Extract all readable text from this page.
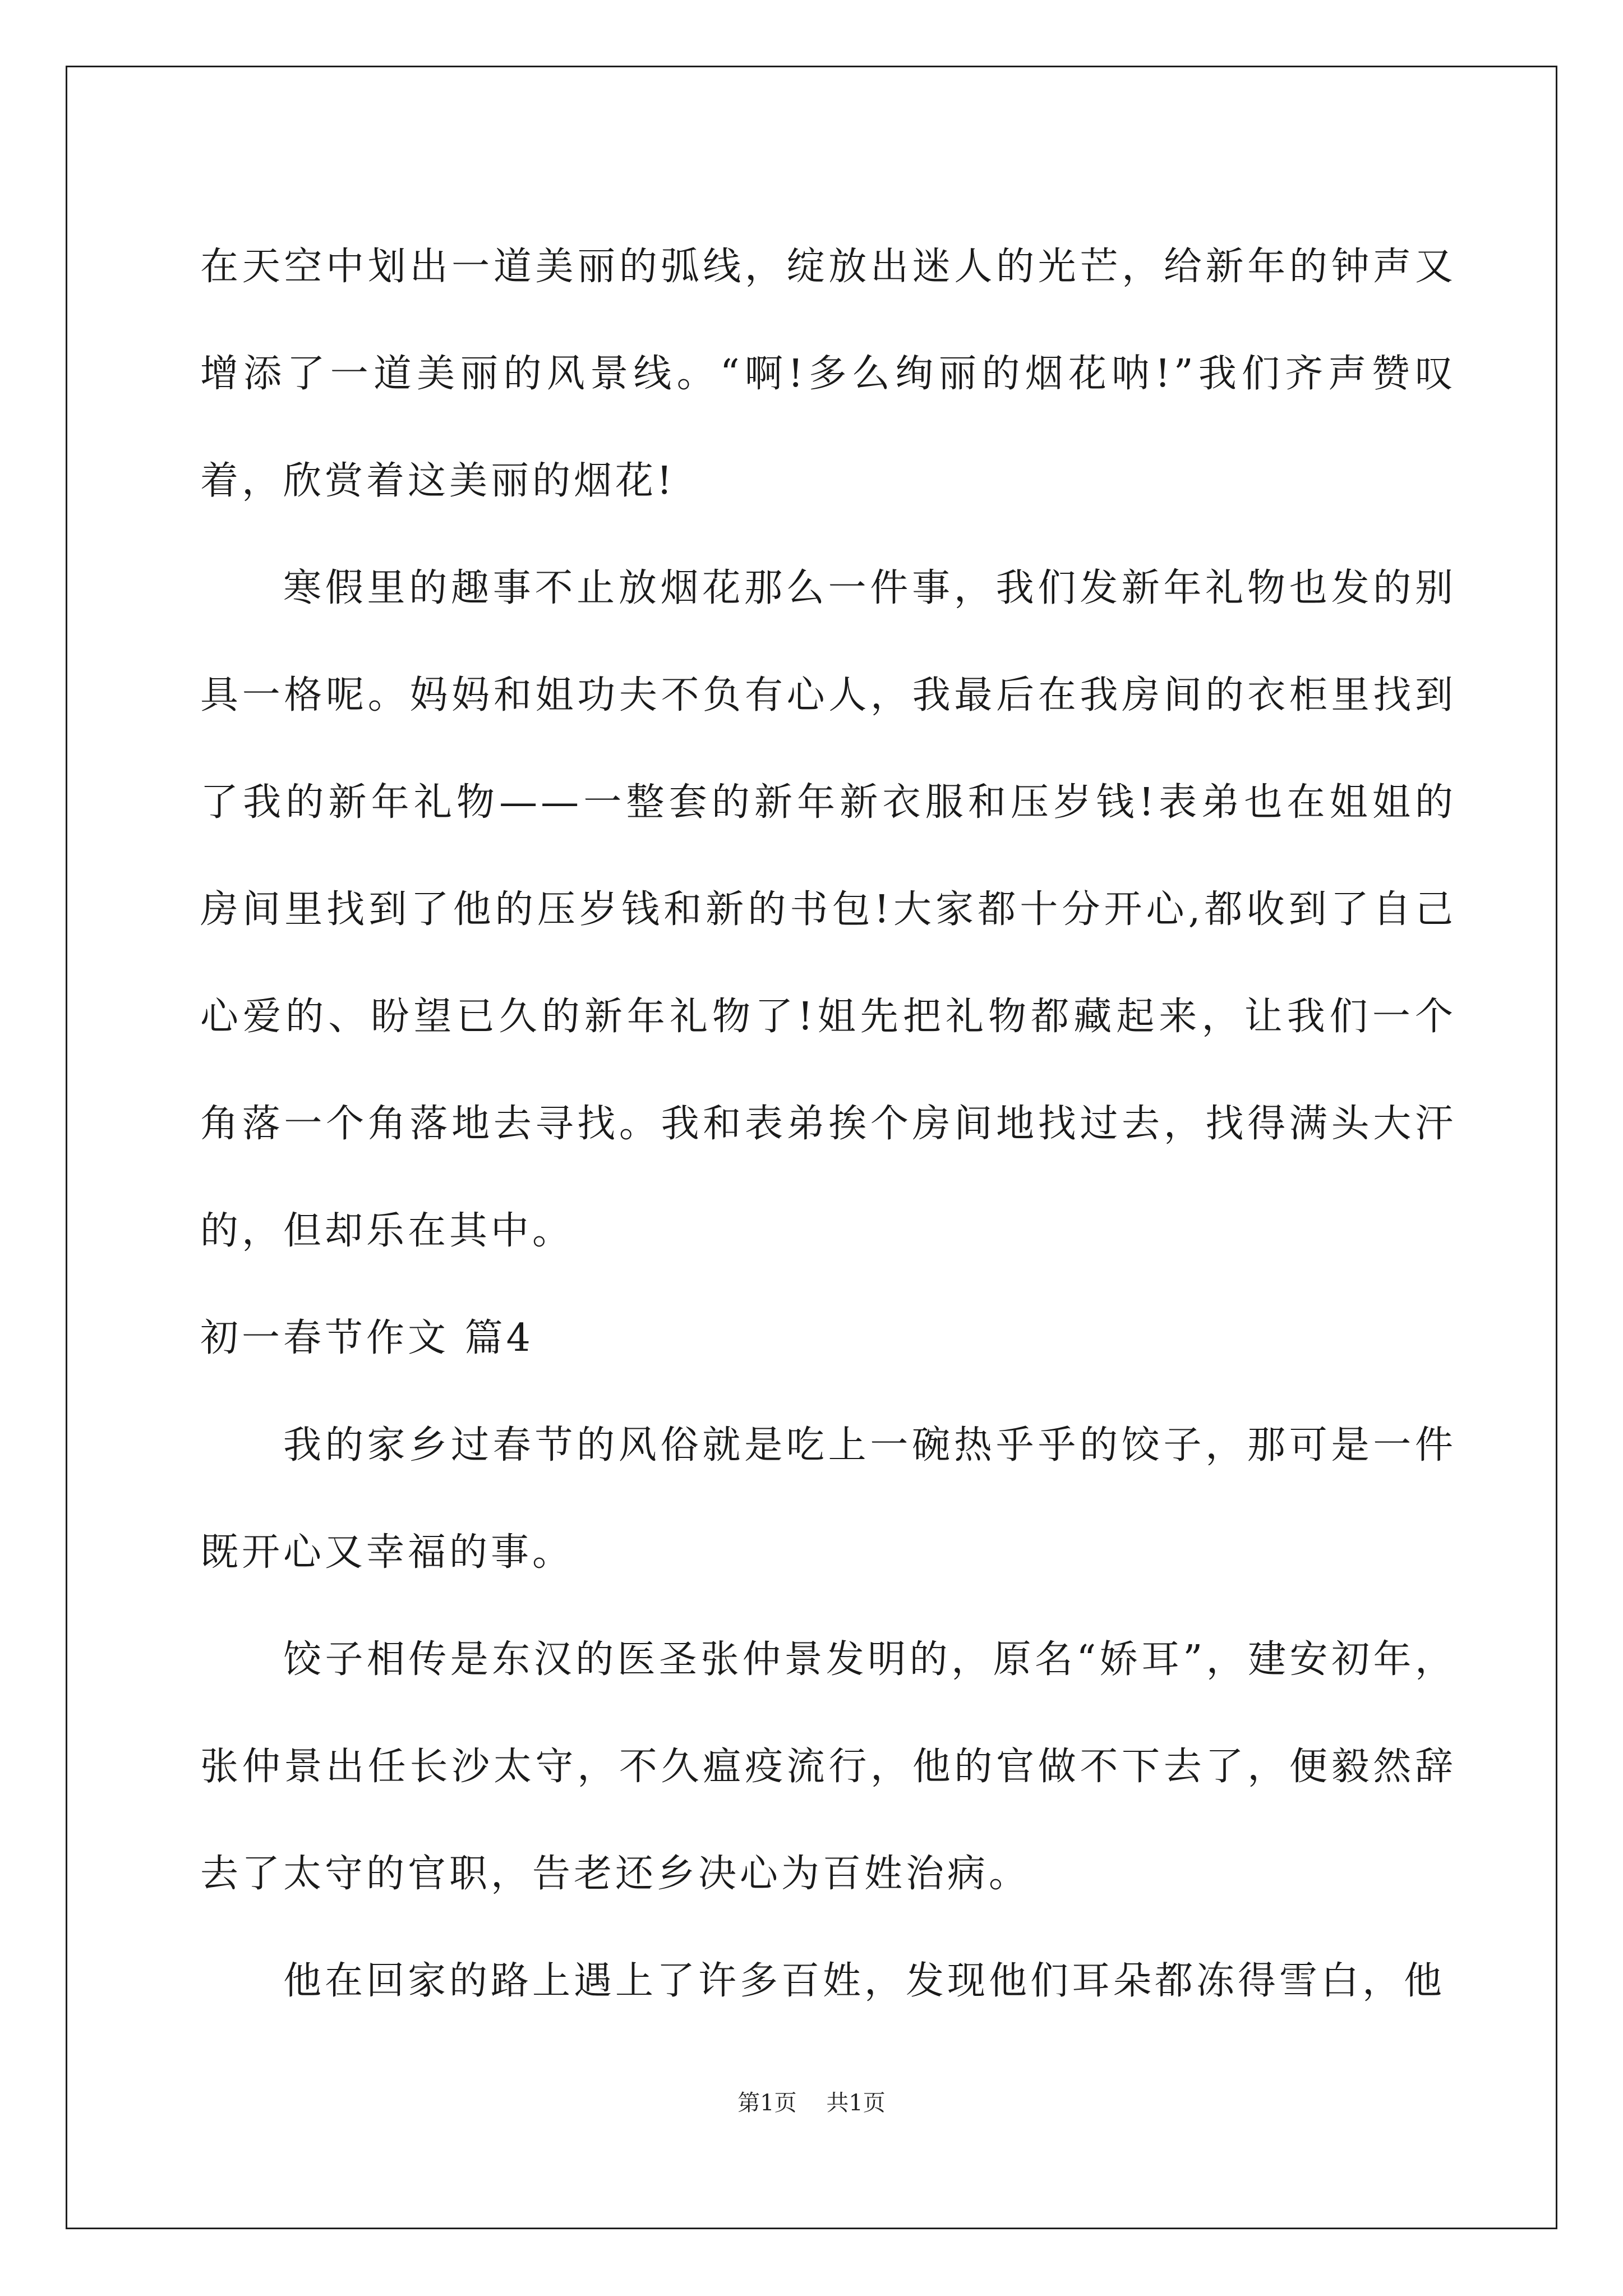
在天空中划出一道美丽的弧线，绽放出迷人的光芒，给新年的钟声又增添了一道美丽的风景线。“啊!多么绚丽的烟花呐!”我们齐声赞叹着，欣赏着这美丽的烟花!

寒假里的趣事不止放烟花那么一件事，我们发新年礼物也发的别具一格呢。妈妈和姐功夫不负有心人，我最后在我房间的衣柜里找到了我的新年礼物——一整套的新年新衣服和压岁钱!表弟也在姐姐的房间里找到了他的压岁钱和新的书包!大家都十分开心,都收到了自己心爱的、盼望已久的新年礼物了!姐先把礼物都藏起来，让我们一个角落一个角落地去寻找。我和表弟挨个房间地找过去，找得满头大汗的，但却乐在其中。

初一春节作文 篇4

我的家乡过春节的风俗就是吃上一碗热乎乎的饺子，那可是一件既开心又幸福的事。

饺子相传是东汉的医圣张仲景发明的，原名“娇耳”，建安初年，张仲景出任长沙太守，不久瘟疫流行，他的官做不下去了，便毅然辞去了太守的官职，告老还乡决心为百姓治病。

他在回家的路上遇上了许多百姓，发现他们耳朵都冻得雪白，他

第1页 共1页
